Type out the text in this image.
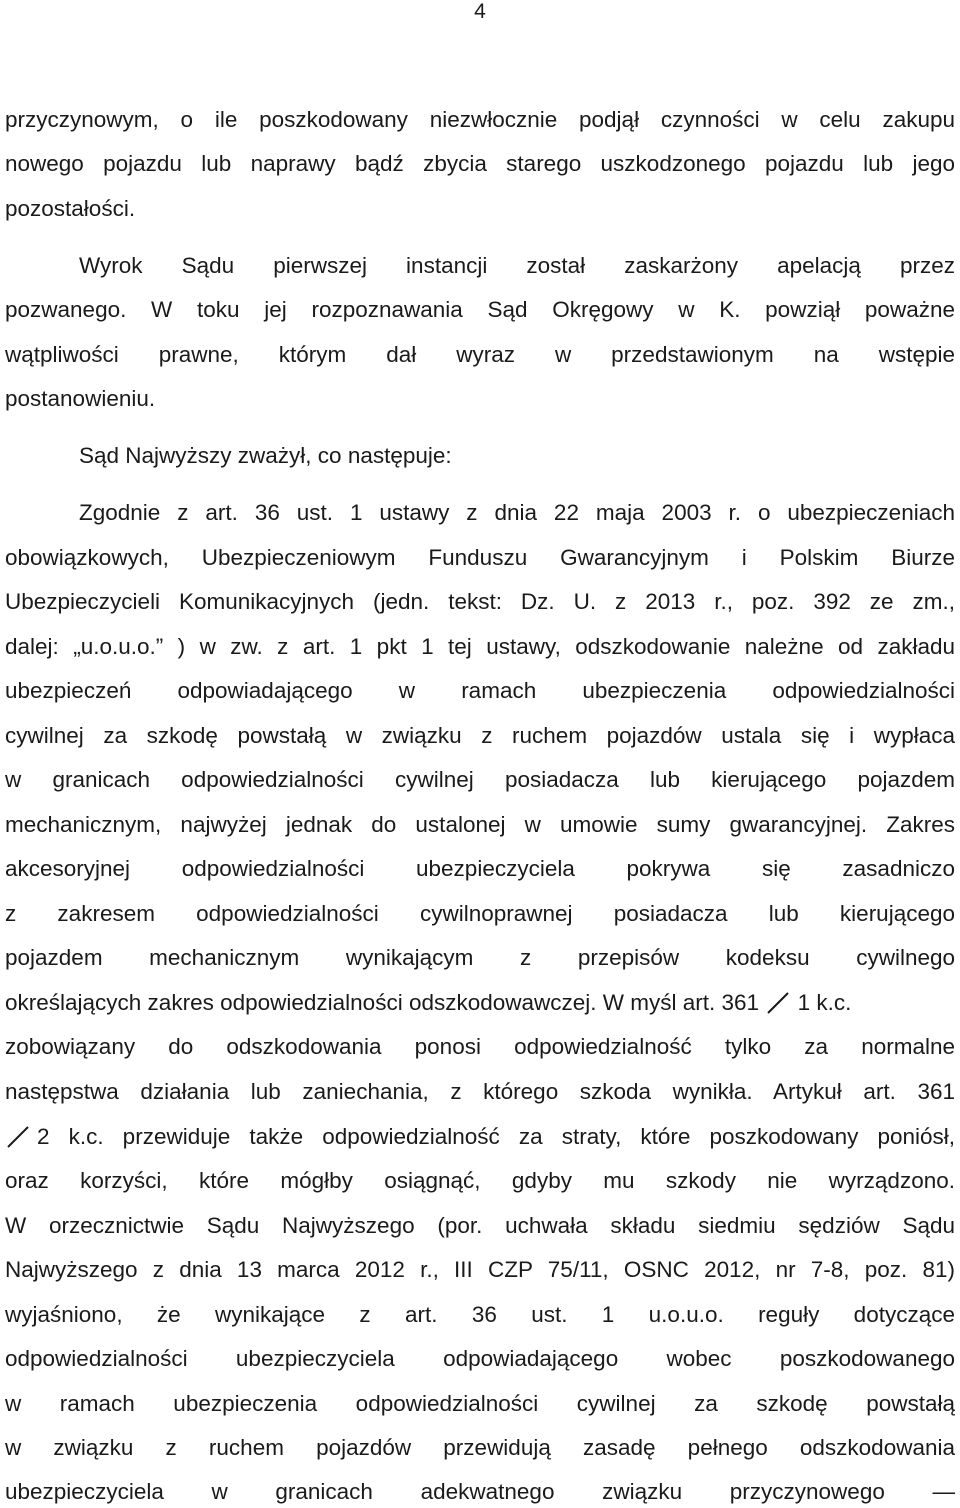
4
przyczynowym, o ile poszkodowany niezwłocznie podjął czynności w celu zakupu
nowego pojazdu lub naprawy bądź zbycia starego uszkodzonego pojazdu lub jego
pozostałości.
Wyrok Sądu pierwszej instancji został zaskarżony apelacją przez
pozwanego. W toku jej rozpoznawania Sąd Okręgowy w K. powziął poważne
wątpliwości prawne, którym dał wyraz w przedstawionym na wstępie
postanowieniu.
Sąd Najwyższy zważył, co następuje:
Zgodnie z art. 36 ust. 1 ustawy z dnia 22 maja 2003 r. o ubezpieczeniach
obowiązkowych, Ubezpieczeniowym Funduszu Gwarancyjnym i Polskim Biurze
Ubezpieczycieli Komunikacyjnych (jedn. tekst: Dz. U. z 2013 r., poz. 392 ze zm.,
dalej: „u.o.u.o.” ) w zw. z art. 1 pkt 1 tej ustawy, odszkodowanie należne od zakładu
ubezpieczeń odpowiadającego w ramach ubezpieczenia odpowiedzialności
cywilnej za szkodę powstałą w związku z ruchem pojazdów ustala się i wypłaca
w granicach odpowiedzialności cywilnej posiadacza lub kierującego pojazdem
mechanicznym, najwyżej jednak do ustalonej w umowie sumy gwarancyjnej. Zakres
akcesoryjnej odpowiedzialności ubezpieczyciela pokrywa się zasadniczo
z zakresem odpowiedzialności cywilnoprawnej posiadacza lub kierującego
pojazdem mechanicznym wynikającym z przepisów kodeksu cywilnego
określających zakres odpowiedzialności odszkodowawczej. W myśl art. 361 1 k.c.
zobowiązany do odszkodowania ponosi odpowiedzialność tylko za normalne
następstwa działania lub zaniechania, z którego szkoda wynikła. Artykuł art. 361
2 k.c. przewiduje także odpowiedzialność za straty, które poszkodowany poniósł,
oraz korzyści, które mógłby osiągnąć, gdyby mu szkody nie wyrządzono.
W orzecznictwie Sądu Najwyższego (por. uchwała składu siedmiu sędziów Sądu
Najwyższego z dnia 13 marca 2012 r., III CZP 75/11, OSNC 2012, nr 7-8, poz. 81)
wyjaśniono, że wynikające z art. 36 ust. 1 u.o.u.o. reguły dotyczące
odpowiedzialności ubezpieczyciela odpowiadającego wobec poszkodowanego
w ramach ubezpieczenia odpowiedzialności cywilnej za szkodę powstałą
w związku z ruchem pojazdów przewidują zasadę pełnego odszkodowania
ubezpieczyciela w granicach adekwatnego związku przyczynowego —
